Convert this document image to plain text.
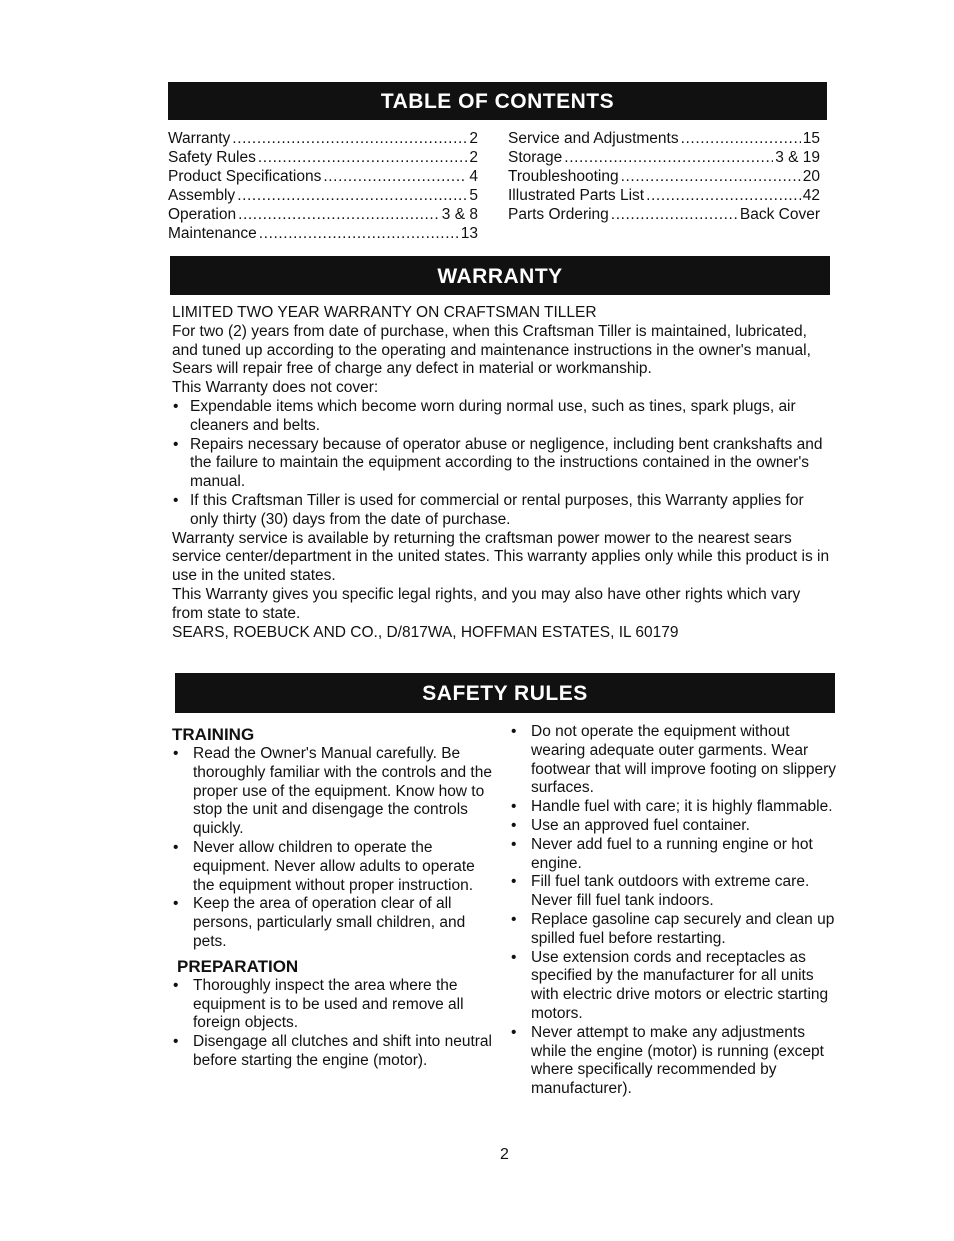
TABLE OF CONTENTS
Warranty .....	2
Safety Rules .....	2
Product Specifications .....	4
Assembly .....	5
Operation .....	3 & 8
Maintenance .....	13
Service and Adjustments .....	15
Storage .....	3 & 19
Troubleshooting .....	20
Illustrated Parts List .....	42
Parts Ordering .....	Back Cover
WARRANTY

LIMITED TWO YEAR WARRANTY ON CRAFTSMAN TILLER

For two (2) years from date of purchase, when this Craftsman Tiller is maintained, lubricated, and tuned up according to the operating and maintenance instructions in the owner's manual, Sears will repair free of charge any defect in material or workmanship.

This Warranty does not cover:

• Expendable items which become worn during normal use, such as tines, spark plugs, air cleaners and belts.
• Repairs necessary because of operator abuse or negligence, including bent crankshafts and the failure to maintain the equipment according to the instructions contained in the owner's manual.
• If this Craftsman Tiller is used for commercial or rental purposes, this Warranty applies for only thirty (30) days from the date of purchase.

Warranty service is available by returning the craftsman power mower to the nearest sears service center/department in the united states. This warranty applies only while this product is in use in the united states.

This Warranty gives you specific legal rights, and you may also have other rights which vary from state to state.

SEARS, ROEBUCK AND CO., D/817WA, HOFFMAN ESTATES, IL 60179

SAFETY RULES

TRAINING

• Read the Owner's Manual carefully. Be thoroughly familiar with the controls and the proper use of the equipment. Know how to stop the unit and disengage the controls quickly.
• Never allow children to operate the equipment. Never allow adults to operate the equipment without proper instruction.
• Keep the area of operation clear of all persons, particularly small children, and pets.

PREPARATION

• Thoroughly inspect the area where the equipment is to be used and remove all foreign objects.
• Disengage all clutches and shift into neutral before starting the engine (motor).
• Do not operate the equipment without wearing adequate outer garments. Wear footwear that will improve footing on slippery surfaces.
• Handle fuel with care; it is highly flammable.
• Use an approved fuel container.
• Never add fuel to a running engine or hot engine.
• Fill fuel tank outdoors with extreme care. Never fill fuel tank indoors.
• Replace gasoline cap securely and clean up spilled fuel before restarting.
• Use extension cords and receptacles as specified by the manufacturer for all units with electric drive motors or electric starting motors.
• Never attempt to make any adjustments while the engine (motor) is running (except where specifically recommended by manufacturer).
2
